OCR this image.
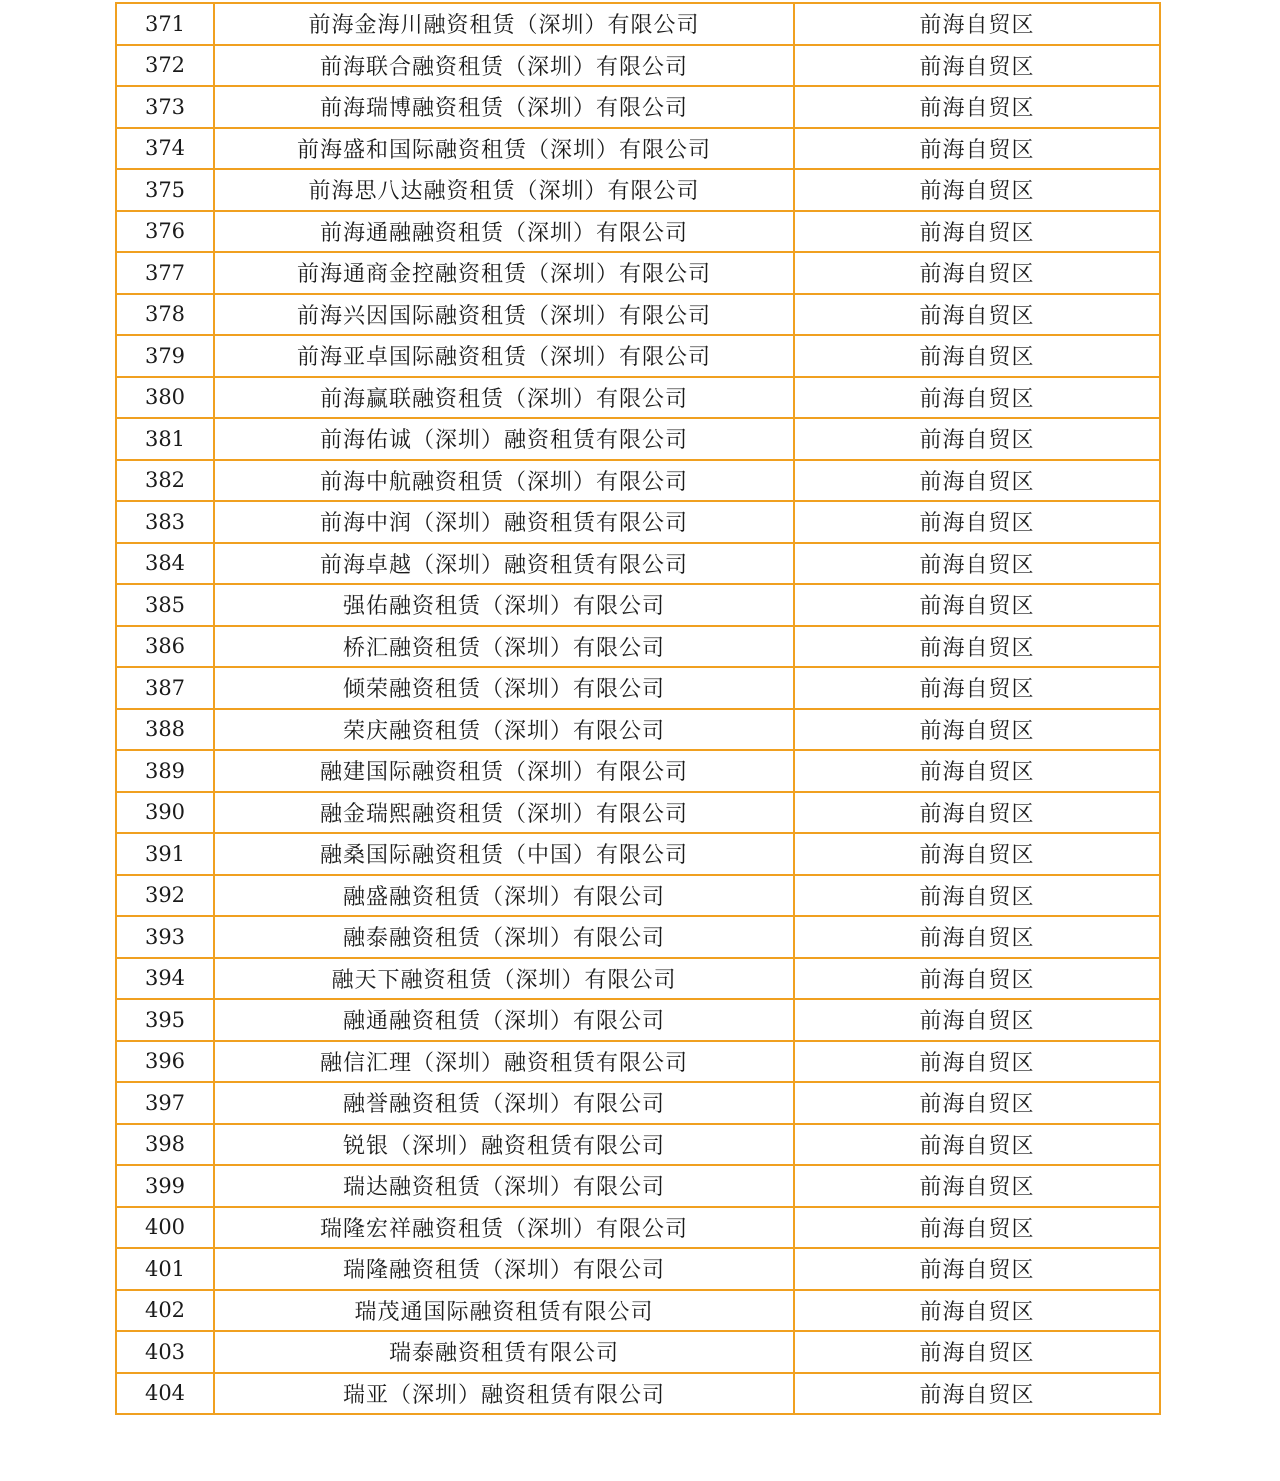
371	前海金海川融资租赁（深圳）有限公司	前海自贸区
372	前海联合融资租赁（深圳）有限公司	前海自贸区
373	前海瑞博融资租赁（深圳）有限公司	前海自贸区
374	前海盛和国际融资租赁（深圳）有限公司	前海自贸区
375	前海思八达融资租赁（深圳）有限公司	前海自贸区
376	前海通融融资租赁（深圳）有限公司	前海自贸区
377	前海通商金控融资租赁（深圳）有限公司	前海自贸区
378	前海兴因国际融资租赁（深圳）有限公司	前海自贸区
379	前海亚卓国际融资租赁（深圳）有限公司	前海自贸区
380	前海赢联融资租赁（深圳）有限公司	前海自贸区
381	前海佑诚（深圳）融资租赁有限公司	前海自贸区
382	前海中航融资租赁（深圳）有限公司	前海自贸区
383	前海中润（深圳）融资租赁有限公司	前海自贸区
384	前海卓越（深圳）融资租赁有限公司	前海自贸区
385	强佑融资租赁（深圳）有限公司	前海自贸区
386	桥汇融资租赁（深圳）有限公司	前海自贸区
387	倾荣融资租赁（深圳）有限公司	前海自贸区
388	荣庆融资租赁（深圳）有限公司	前海自贸区
389	融建国际融资租赁（深圳）有限公司	前海自贸区
390	融金瑞熙融资租赁（深圳）有限公司	前海自贸区
391	融桑国际融资租赁（中国）有限公司	前海自贸区
392	融盛融资租赁（深圳）有限公司	前海自贸区
393	融泰融资租赁（深圳）有限公司	前海自贸区
394	融天下融资租赁（深圳）有限公司	前海自贸区
395	融通融资租赁（深圳）有限公司	前海自贸区
396	融信汇理（深圳）融资租赁有限公司	前海自贸区
397	融誉融资租赁（深圳）有限公司	前海自贸区
398	锐银（深圳）融资租赁有限公司	前海自贸区
399	瑞达融资租赁（深圳）有限公司	前海自贸区
400	瑞隆宏祥融资租赁（深圳）有限公司	前海自贸区
401	瑞隆融资租赁（深圳）有限公司	前海自贸区
402	瑞茂通国际融资租赁有限公司	前海自贸区
403	瑞泰融资租赁有限公司	前海自贸区
404	瑞亚（深圳）融资租赁有限公司	前海自贸区
